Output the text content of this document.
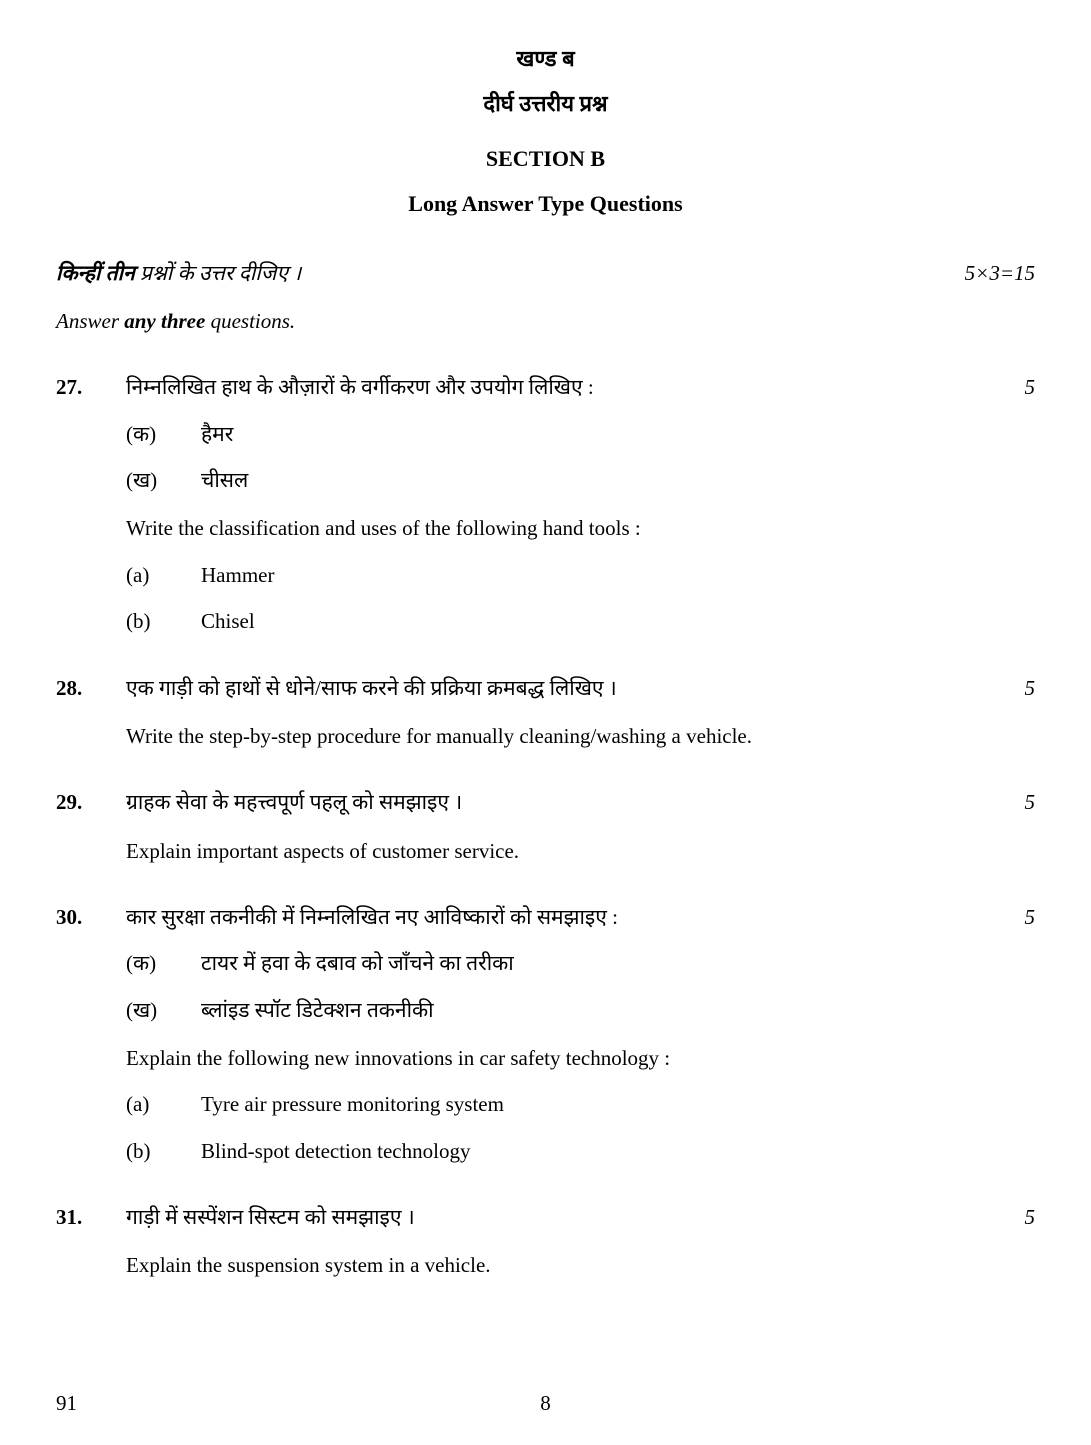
खण्ड ब
दीर्घ उत्तरीय प्रश्न
SECTION B
Long Answer Type Questions
किन्हीं तीन प्रश्नों के उत्तर दीजिए ।	5×3=15
Answer any three questions.
27.	निम्नलिखित हाथ के औज़ारों के वर्गीकरण और उपयोग लिखिए :	5
(क)	हैमर
(ख)	चीसल
Write the classification and uses of the following hand tools :
(a)	Hammer
(b)	Chisel
28.	एक गाड़ी को हाथों से धोने/साफ करने की प्रक्रिया क्रमबद्ध लिखिए ।	5
Write the step-by-step procedure for manually cleaning/washing a vehicle.
29.	ग्राहक सेवा के महत्त्वपूर्ण पहलू को समझाइए ।	5
Explain important aspects of customer service.
30.	कार सुरक्षा तकनीकी में निम्नलिखित नए आविष्कारों को समझाइए :	5
(क)	टायर में हवा के दबाव को जाँचने का तरीका
(ख)	ब्लांइड स्पॉट डिटेक्शन तकनीकी
Explain the following new innovations in car safety technology :
(a)	Tyre air pressure monitoring system
(b)	Blind-spot detection technology
31.	गाड़ी में सस्पेंशन सिस्टम को समझाइए ।	5
Explain the suspension system in a vehicle.
91	8
